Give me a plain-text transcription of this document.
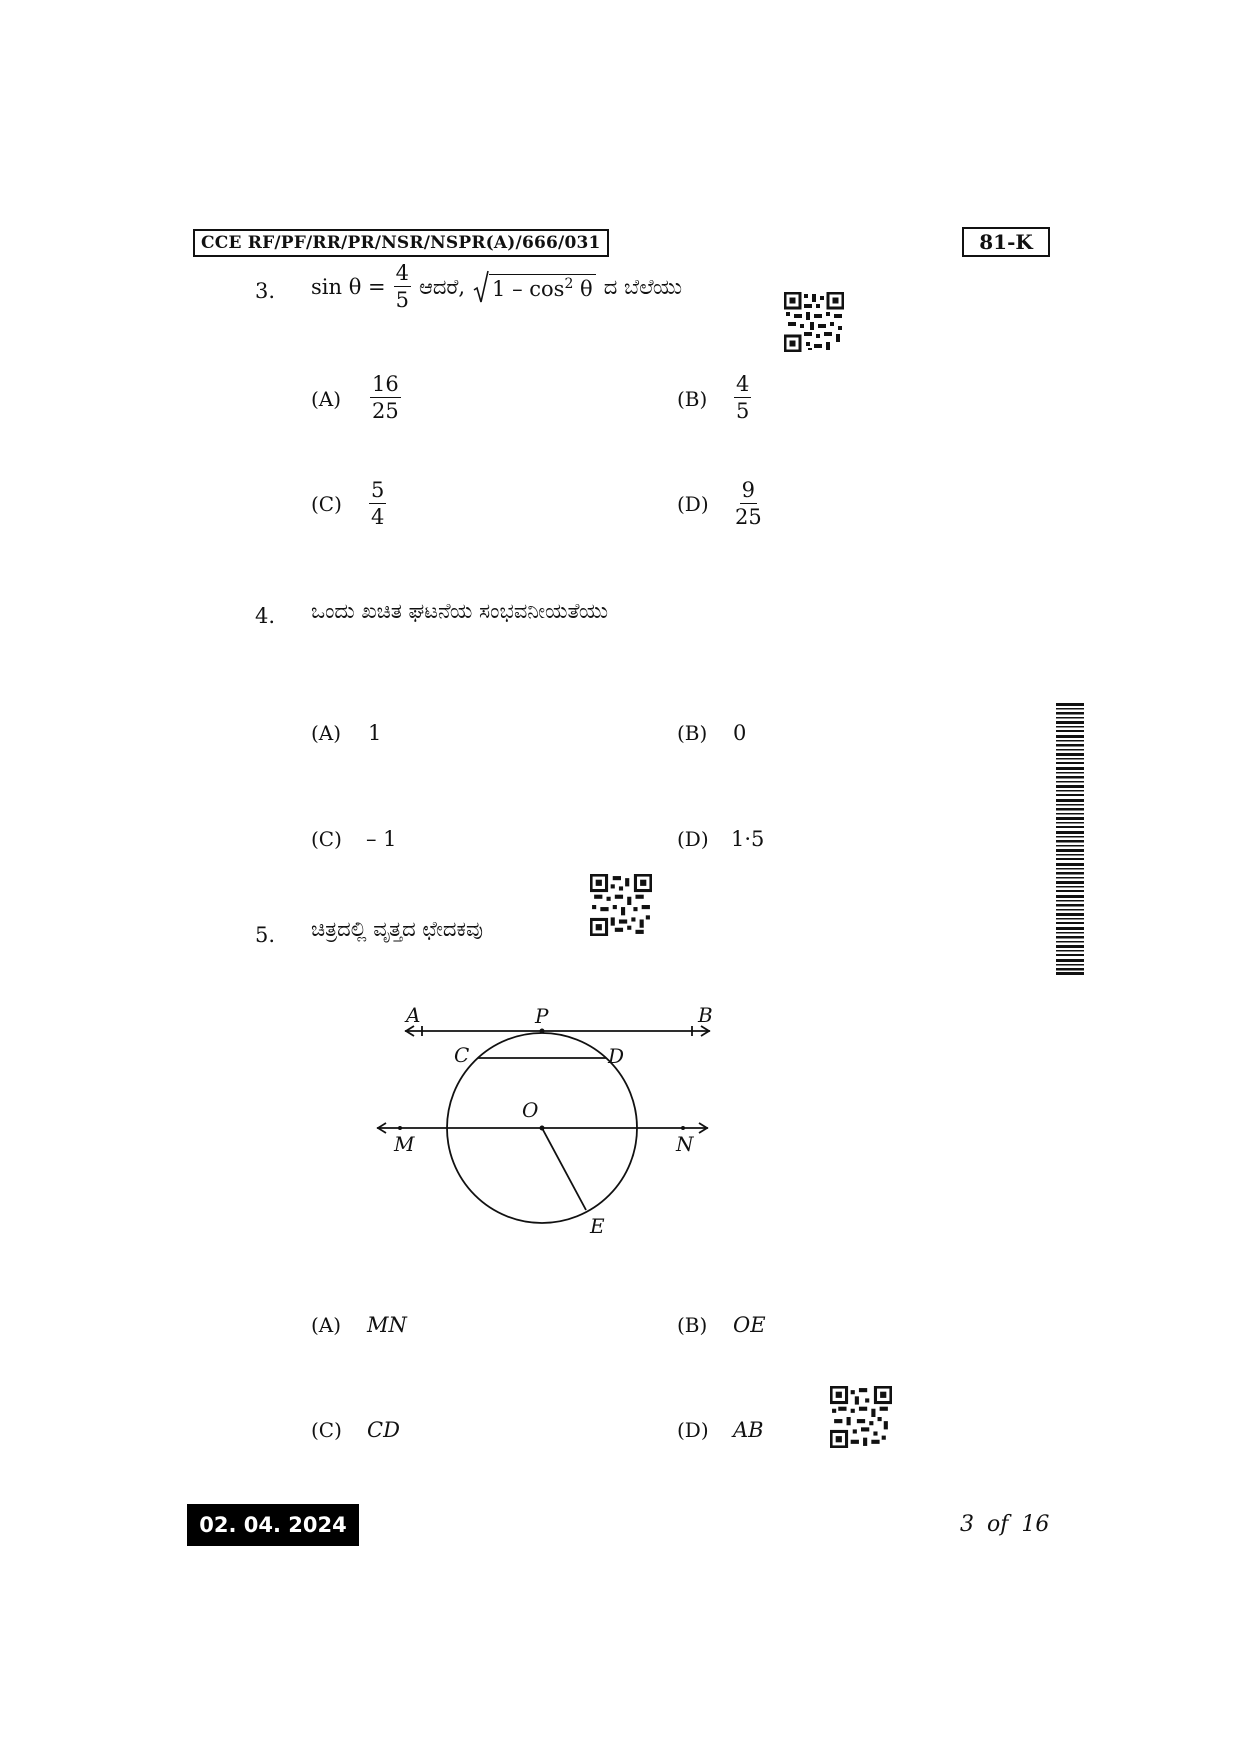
CCE RF/PF/RR/PR/NSR/NSPR(A)/666/031	81-K
3. $\sin \theta = \frac{4}{5}$ ಆದರೆ, $1 - \cos^2 \theta$ ದ ಬೆಲೆಯು
$(A) \frac{16}{25}$	$(B) \frac{4}{5}$
$(C) \frac{5}{4}$	$(D) \frac{9}{25}$
4. ಒಂದು ಖಚಿತ ಘಟನೆಯ ಸಂಭವನೀಯತೆಯು
(A) 1	(B) 0
(C) – 1	(D) 1·5
5. ಚಿತ್ರದಲ್ಲಿ ವೃತ್ತದ ಛೇದಕವು
A	P	B
C	D
O
M	N
E
(A) MN	(B) OE
(C) CD	(D) AB
02. 04. 2024	3 of 16
